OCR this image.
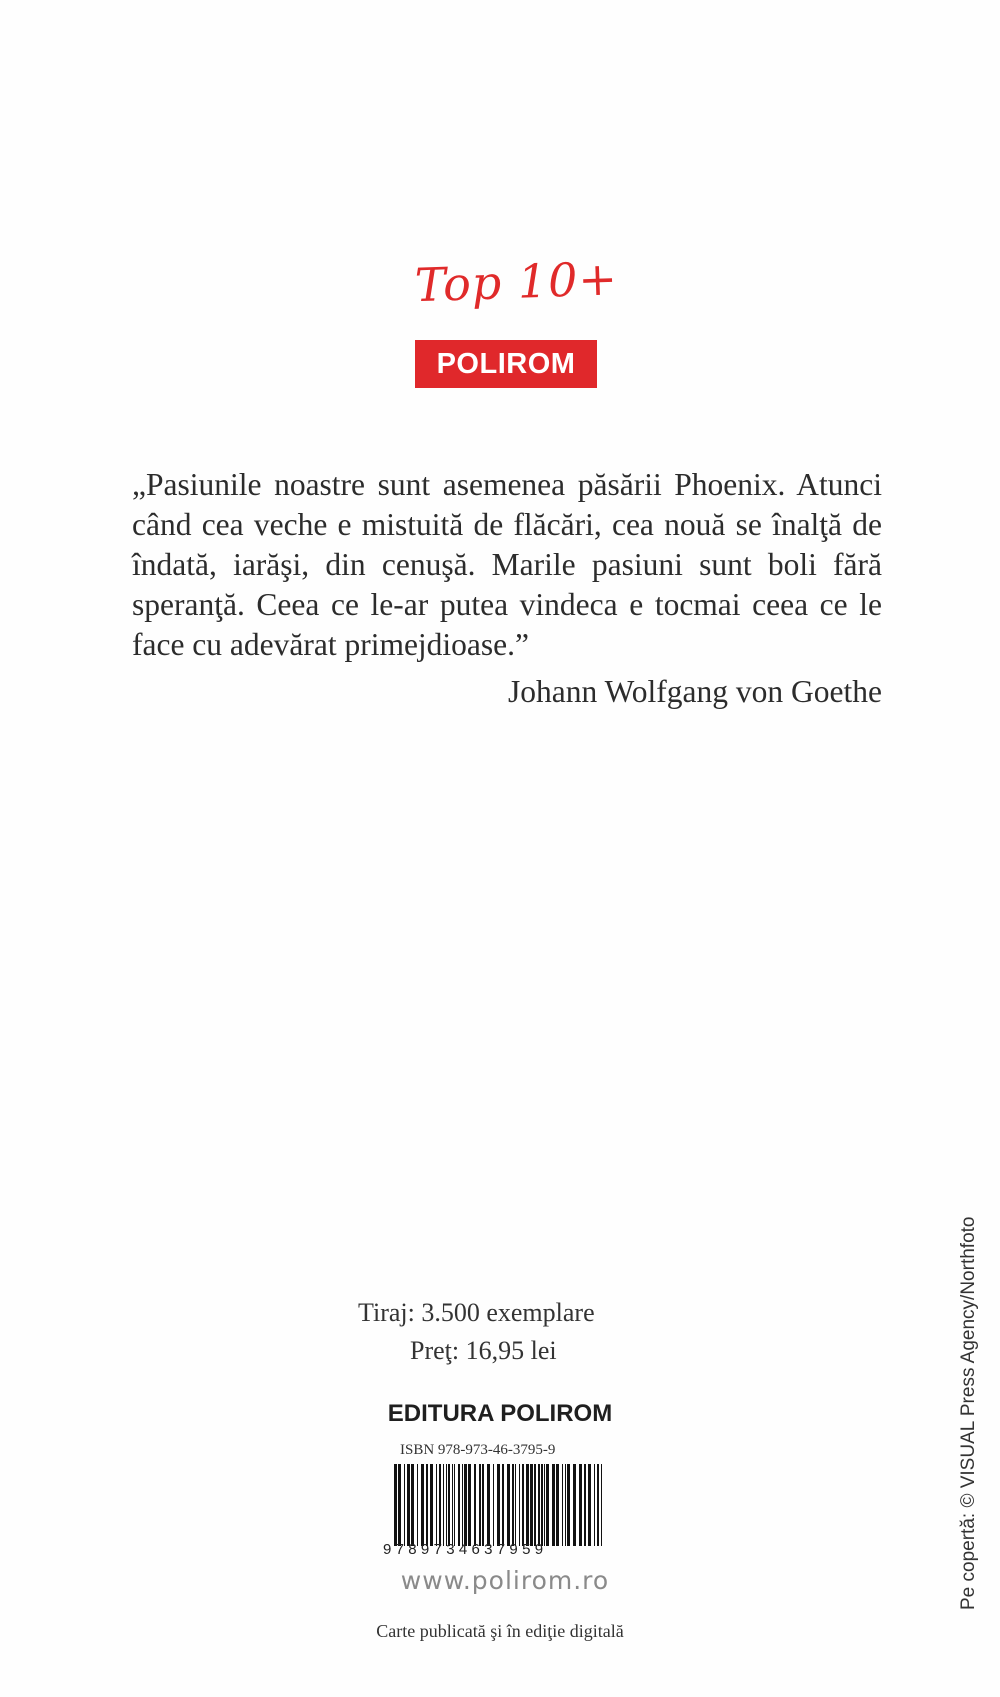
Top 10+
POLIROM
„Pasiunile noastre sunt asemenea păsării Phoenix. Atunci când cea veche e mistuită de flăcări, cea nouă se înalţă de îndată, iarăşi, din cenuşă. Marile pasiuni sunt boli fără speranţă. Ceea ce le-ar putea vindeca e tocmai ceea ce le face cu adevărat primejdioase.”
Johann Wolfgang von Goethe
Pe copertă: © VISUAL Press Agency/Northfoto
Tiraj: 3.500 exemplare
Preţ: 16,95 lei
EDITURA POLIROM
ISBN 978-973-46-3795-9
9789734637959
www.polirom.ro
Carte publicată şi în ediţie digitală
